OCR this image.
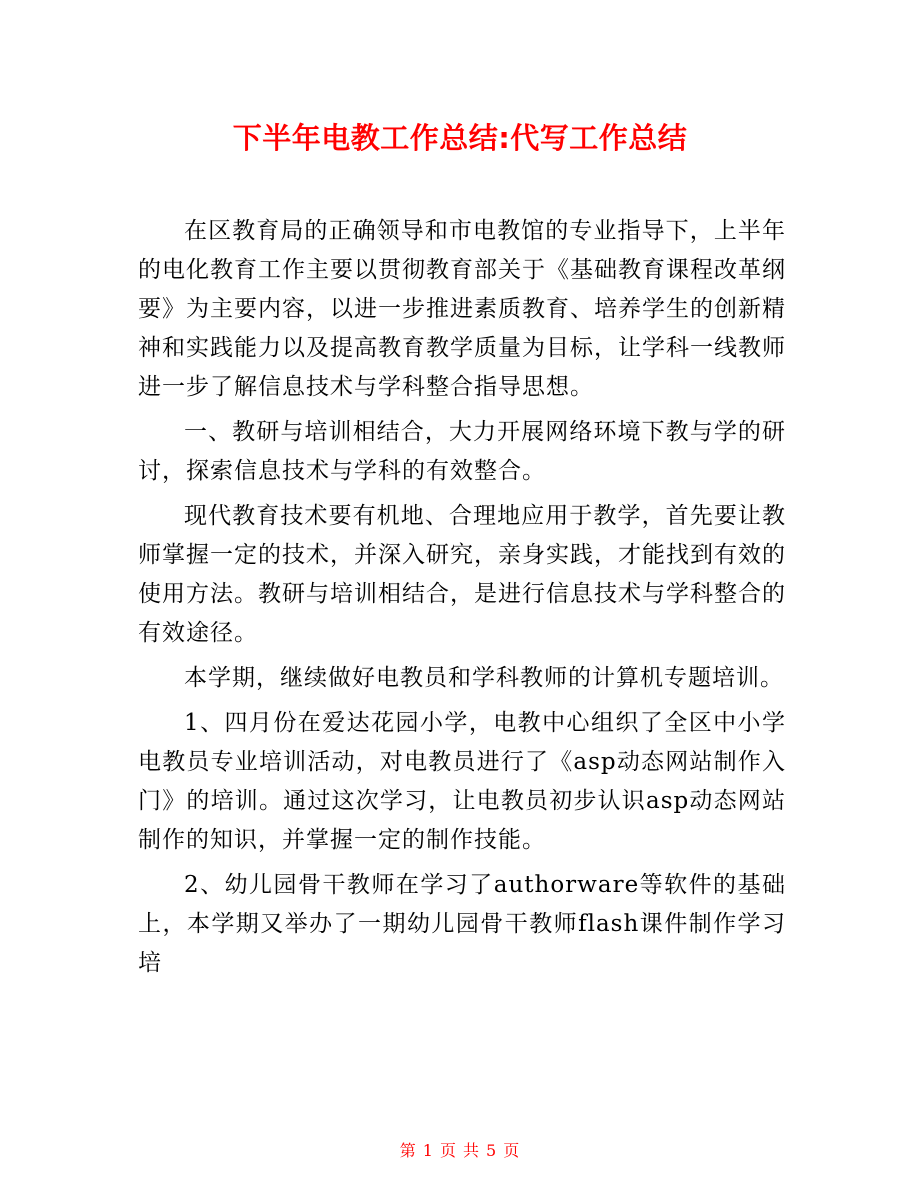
下半年电教工作总结:代写工作总结

在区教育局的正确领导和市电教馆的专业指导下，上半年的电化教育工作主要以贯彻教育部关于《基础教育课程改革纲要》为主要内容，以进一步推进素质教育、培养学生的创新精神和实践能力以及提高教育教学质量为目标，让学科一线教师进一步了解信息技术与学科整合指导思想。

一、教研与培训相结合，大力开展网络环境下教与学的研讨，探索信息技术与学科的有效整合。

现代教育技术要有机地、合理地应用于教学，首先要让教师掌握一定的技术，并深入研究，亲身实践，才能找到有效的使用方法。教研与培训相结合，是进行信息技术与学科整合的有效途径。

本学期，继续做好电教员和学科教师的计算机专题培训。

1、四月份在爱达花园小学，电教中心组织了全区中小学电教员专业培训活动，对电教员进行了《asp动态网站制作入门》的培训。通过这次学习，让电教员初步认识asp动态网站制作的知识，并掌握一定的制作技能。

2、幼儿园骨干教师在学习了authorware等软件的基础上，本学期又举办了一期幼儿园骨干教师flash课件制作学习培

第 1 页 共 5 页
